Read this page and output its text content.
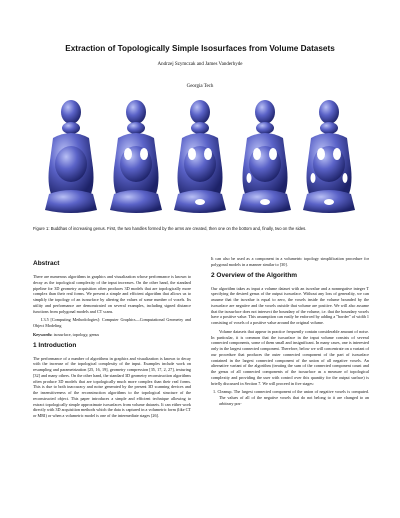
Extraction of Topologically Simple Isosurfaces from Volume Datasets
Andrzej Szymczak and James Vanderhyde
Georgia Tech
Figure 1: Buddhas of increasing genus. First, the two handles formed by the arms are created, then one on the bottom and, finally, two on the sides.
Abstract
There are numerous algorithms in graphics and visualization whose performance is known to decay as the topological complexity of the input increases. On the other hand, the standard pipeline for 3D geometry acquisition often produces 3D models that are topologically more complex than their real forms. We present a simple and efficient algorithm that allows us to simplify the topology of an isosurface by altering the values of some number of voxels. Its utility and performance are demonstrated on several examples, including signed distance functions from polygonal models and CT scans.
I.3.5 [Computing Methodologies]: Computer Graphics—Computational Geometry and Object Modeling
Keywords: isosurface, topology, genus
1 Introduction
The performance of a number of algorithms in graphics and visualization is known to decay with the increase of the topological complexity of the input. Examples include work on resampling and parametrization [25, 16, 19], geometry compression [35, 17, 2, 27], texturing [32] and many others. On the other hand, the standard 3D geometry reconstruction algorithms often produce 3D models that are topologically much more complex than their real forms. This is due to both inaccuracy and noise generated by the present 3D scanning devices and the insensitiveness of the reconstruction algorithms to the topological structure of the reconstructed object. This paper introduces a simple and efficient technique allowing to extract topologically simple approximate isosurfaces from volume datasets. It can either work directly with 3D acquisition methods which the data is captured in a volumetric form (like CT or MRI) or when a volumetric model is one of the intermediate stages [26].
It can also be used as a component in a volumetric topology simplification procedure for polygonal models in a manner similar to [30].
2 Overview of the Algorithm
Our algorithm takes as input a volume dataset with an isovalue and a nonnegative integer T specifying the desired genus of the output isosurface. Without any loss of generality, we can assume that the isovalue is equal to zero, the voxels inside the volume bounded by the isosurface are negative and the voxels outside that volume are positive. We will also assume that the isosurface does not intersect the boundary of the volume, i.e. that the boundary voxels have a positive value. This assumption can easily be enforced by adding a "border" of width 1 consisting of voxels of a positive value around the original volume.
Volume datasets that appear in practice frequently contain considerable amount of noise. In particular, it is common that the isosurface in the input volume consists of several connected components, some of them small and insignificant. In many cases, one is interested only in the largest connected component. Therefore, below we will concentrate on a variant of our procedure that produces the outer connected component of the part of isosurface contained in the largest connected component of the union of all negative voxels. An alternative variant of the algorithm (treating the sum of the connected component count and the genus of all connected components of the isosurface as a measure of topological complexity and providing the user with control over this quantity for the output surface) is briefly discussed in Section 7. We will proceed in five stages:
1. Cleanup. The largest connected component of the union of negative voxels is computed. The values of all of the negative voxels that do not belong to it are changed to an arbitrary pos-
